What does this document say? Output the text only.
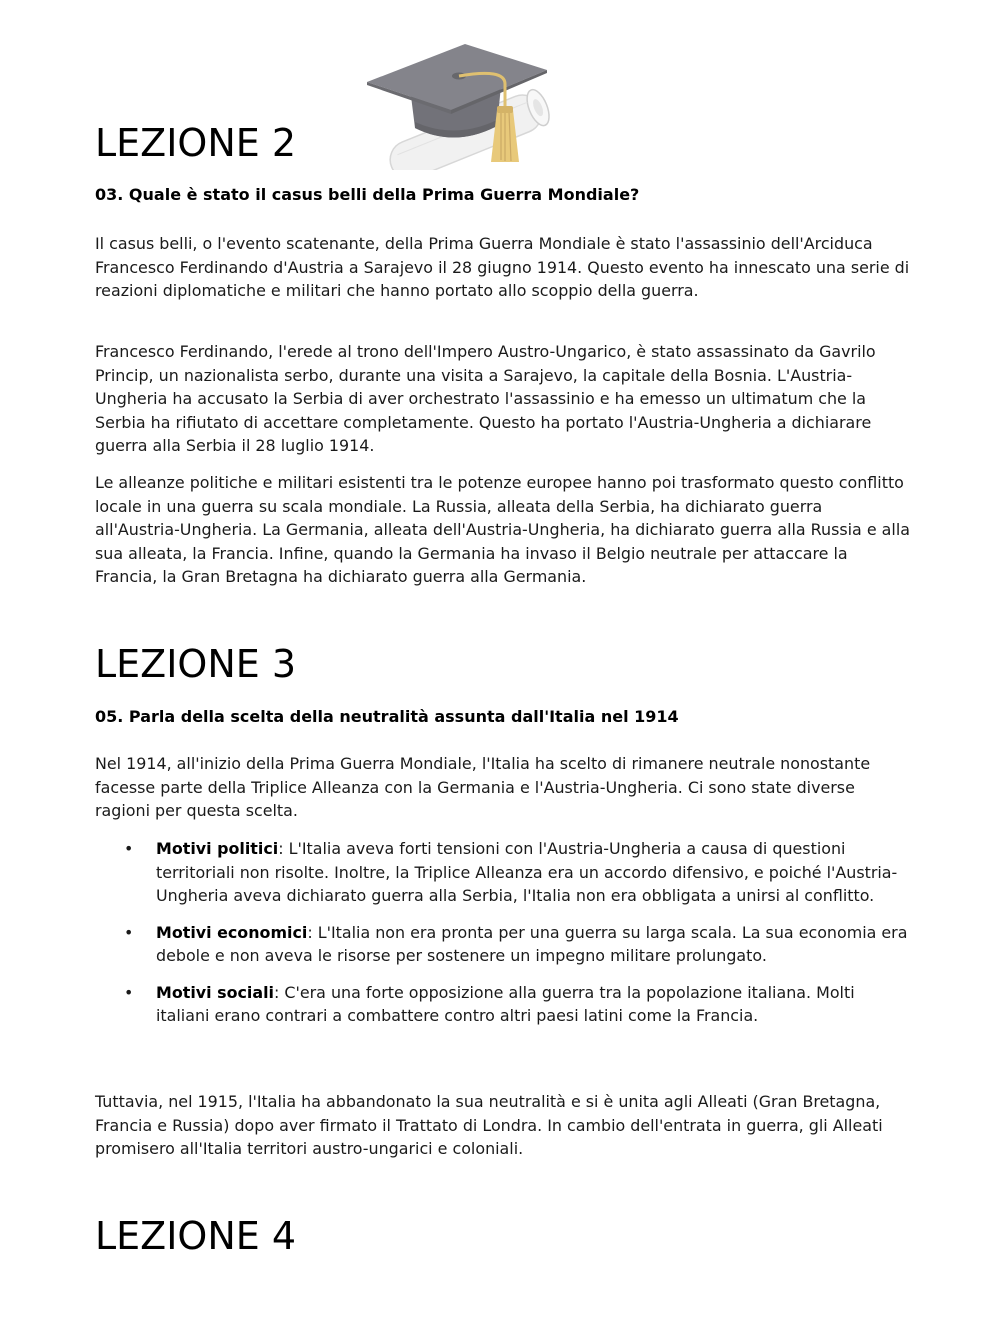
LEZIONE 2

03. Quale è stato il casus belli della Prima Guerra Mondiale?

Il casus belli, o l'evento scatenante, della Prima Guerra Mondiale è stato l'assassinio dell'Arciduca Francesco Ferdinando d'Austria a Sarajevo il 28 giugno 1914. Questo evento ha innescato una serie di reazioni diplomatiche e militari che hanno portato allo scoppio della guerra.

Francesco Ferdinando, l'erede al trono dell'Impero Austro-Ungarico, è stato assassinato da Gavrilo Princip, un nazionalista serbo, durante una visita a Sarajevo, la capitale della Bosnia. L'Austria-Ungheria ha accusato la Serbia di aver orchestrato l'assassinio e ha emesso un ultimatum che la Serbia ha rifiutato di accettare completamente. Questo ha portato l'Austria-Ungheria a dichiarare guerra alla Serbia il 28 luglio 1914.

Le alleanze politiche e militari esistenti tra le potenze europee hanno poi trasformato questo conflitto locale in una guerra su scala mondiale. La Russia, alleata della Serbia, ha dichiarato guerra all'Austria-Ungheria. La Germania, alleata dell'Austria-Ungheria, ha dichiarato guerra alla Russia e alla sua alleata, la Francia. Infine, quando la Germania ha invaso il Belgio neutrale per attaccare la Francia, la Gran Bretagna ha dichiarato guerra alla Germania.

LEZIONE 3

05. Parla della scelta della neutralità assunta dall'Italia nel 1914

Nel 1914, all'inizio della Prima Guerra Mondiale, l'Italia ha scelto di rimanere neutrale nonostante facesse parte della Triplice Alleanza con la Germania e l'Austria-Ungheria. Ci sono state diverse ragioni per questa scelta.

• Motivi politici: L'Italia aveva forti tensioni con l'Austria-Ungheria a causa di questioni territoriali non risolte. Inoltre, la Triplice Alleanza era un accordo difensivo, e poiché l'Austria-Ungheria aveva dichiarato guerra alla Serbia, l'Italia non era obbligata a unirsi al conflitto.
• Motivi economici: L'Italia non era pronta per una guerra su larga scala. La sua economia era debole e non aveva le risorse per sostenere un impegno militare prolungato.
• Motivi sociali: C'era una forte opposizione alla guerra tra la popolazione italiana. Molti italiani erano contrari a combattere contro altri paesi latini come la Francia.

Tuttavia, nel 1915, l'Italia ha abbandonato la sua neutralità e si è unita agli Alleati (Gran Bretagna, Francia e Russia) dopo aver firmato il Trattato di Londra. In cambio dell'entrata in guerra, gli Alleati promisero all'Italia territori austro-ungarici e coloniali.

LEZIONE 4
